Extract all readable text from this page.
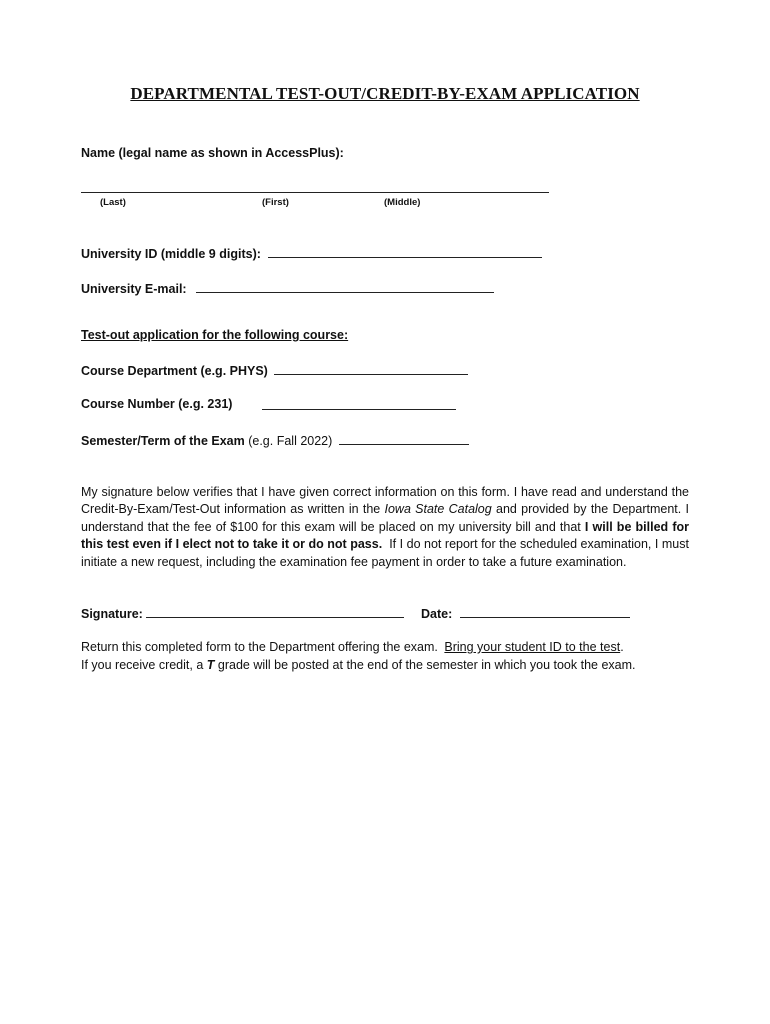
DEPARTMENTAL TEST-OUT/CREDIT-BY-EXAM APPLICATION
Name (legal name as shown in AccessPlus):
(Last)	(First)	(Middle)
University ID (middle 9 digits):
University E-mail:
Test-out application for the following course:
Course Department (e.g. PHYS)
Course Number (e.g. 231)
Semester/Term of the Exam (e.g. Fall 2022)
My signature below verifies that I have given correct information on this form. I have read and understand the Credit-By-Exam/Test-Out information as written in the Iowa State Catalog and provided by the Department. I understand that the fee of $100 for this exam will be placed on my university bill and that I will be billed for this test even if I elect not to take it or do not pass. If I do not report for the scheduled examination, I must initiate a new request, including the examination fee payment in order to take a future examination.
Signature:	Date:
Return this completed form to the Department offering the exam. Bring your student ID to the test.
If you receive credit, a T grade will be posted at the end of the semester in which you took the exam.
